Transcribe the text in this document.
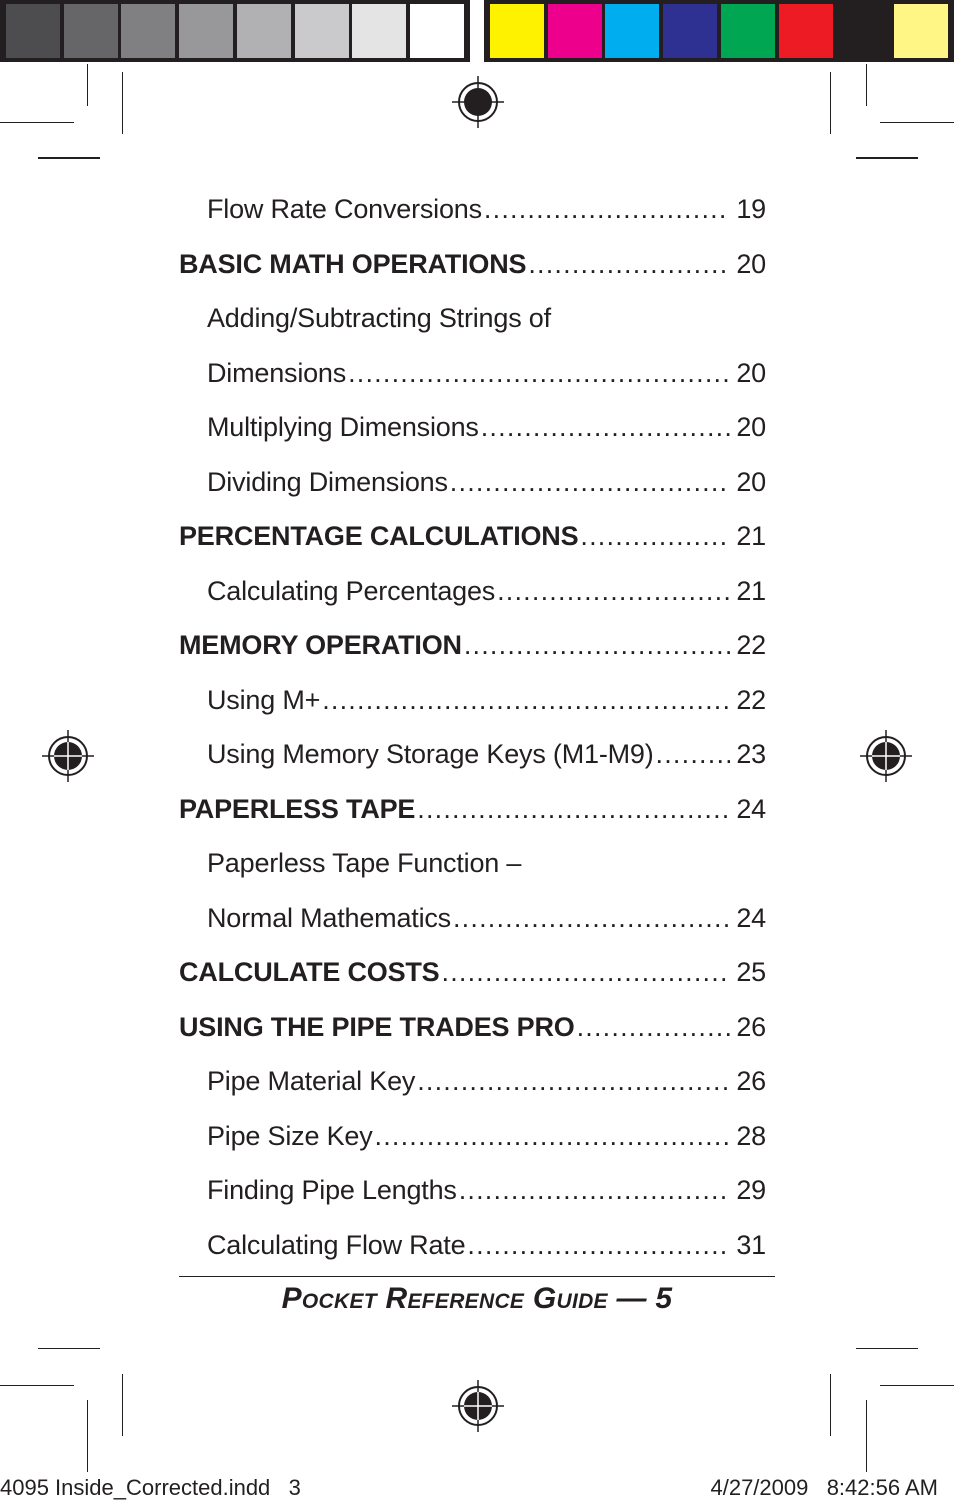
Flow Rate Conversions .....	19
BASIC MATH OPERATIONS .....	20
Adding/Subtracting Strings of
Dimensions .....	20
Multiplying Dimensions .....	20
Dividing Dimensions .....	20
PERCENTAGE CALCULATIONS .....	21
Calculating Percentages .....	21
MEMORY OPERATION .....	22
Using M+ .....	22
Using Memory Storage Keys (M1-M9) .....	23
PAPERLESS TAPE .....	24
Paperless Tape Function –
Normal Mathematics .....	24
CALCULATE COSTS .....	25
USING THE PIPE TRADES PRO .....	26
Pipe Material Key .....	26
Pipe Size Key .....	28
Finding Pipe Lengths .....	29
Calculating Flow Rate .....	31
Pocket Reference Guide — 5
4095 Inside_Corrected.indd   3	4/27/2009   8:42:56 AM
